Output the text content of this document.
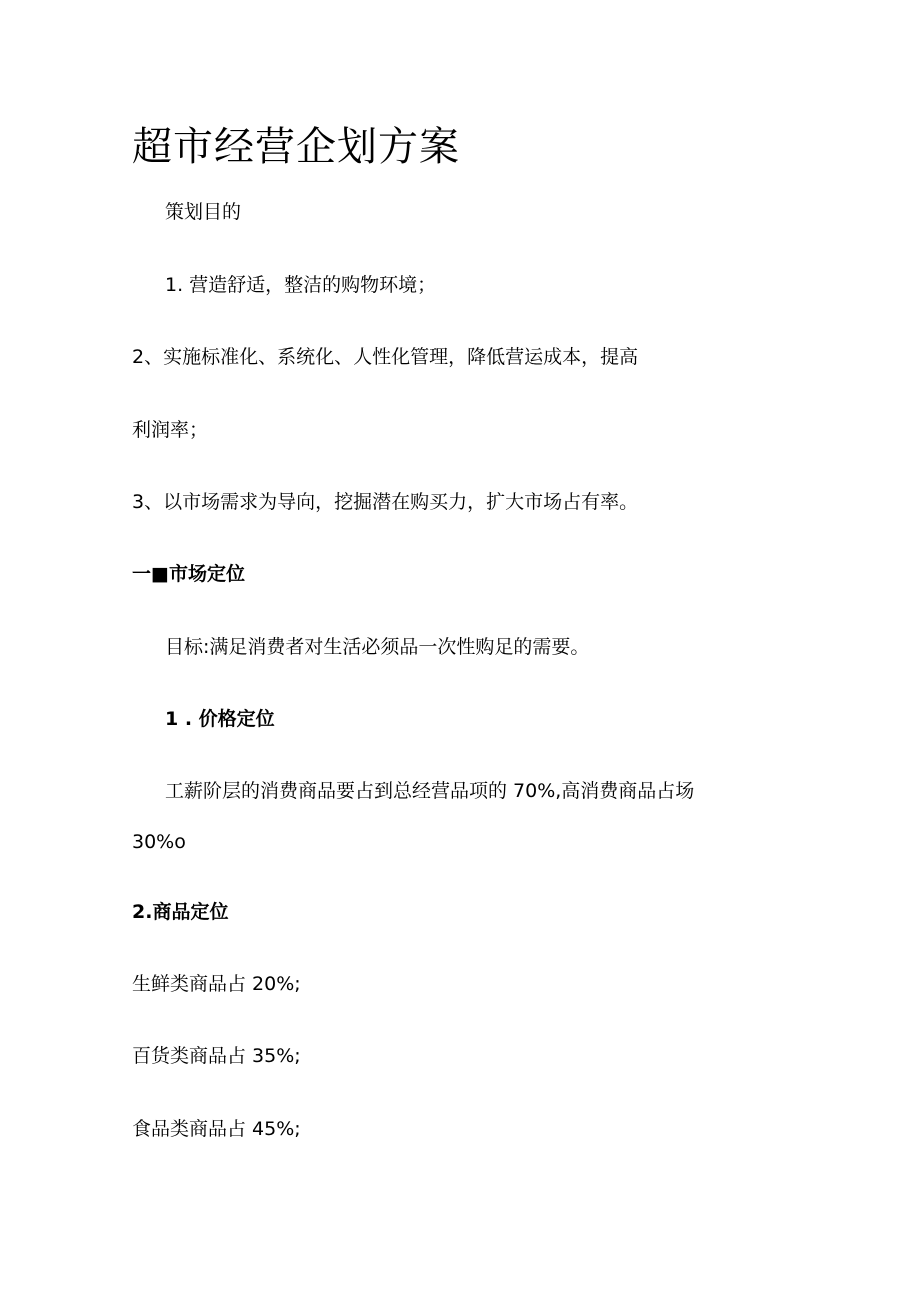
超市经营企划方案
策划目的
1. 营造舒适，整洁的购物环境；
2、实施标准化、系统化、人性化管理，降低营运成本，提高
利润率；
3、以市场需求为导向，挖掘潜在购买力，扩大市场占有率。
一■市场定位
目标:满足消费者对生活必须品一次性购足的需要。
1 . 价格定位
工薪阶层的消费商品要占到总经营品项的 70%,高消费商品占场
30%o
2.商品定位
生鲜类商品占 20%;
百货类商品占 35%;
食品类商品占 45%;
